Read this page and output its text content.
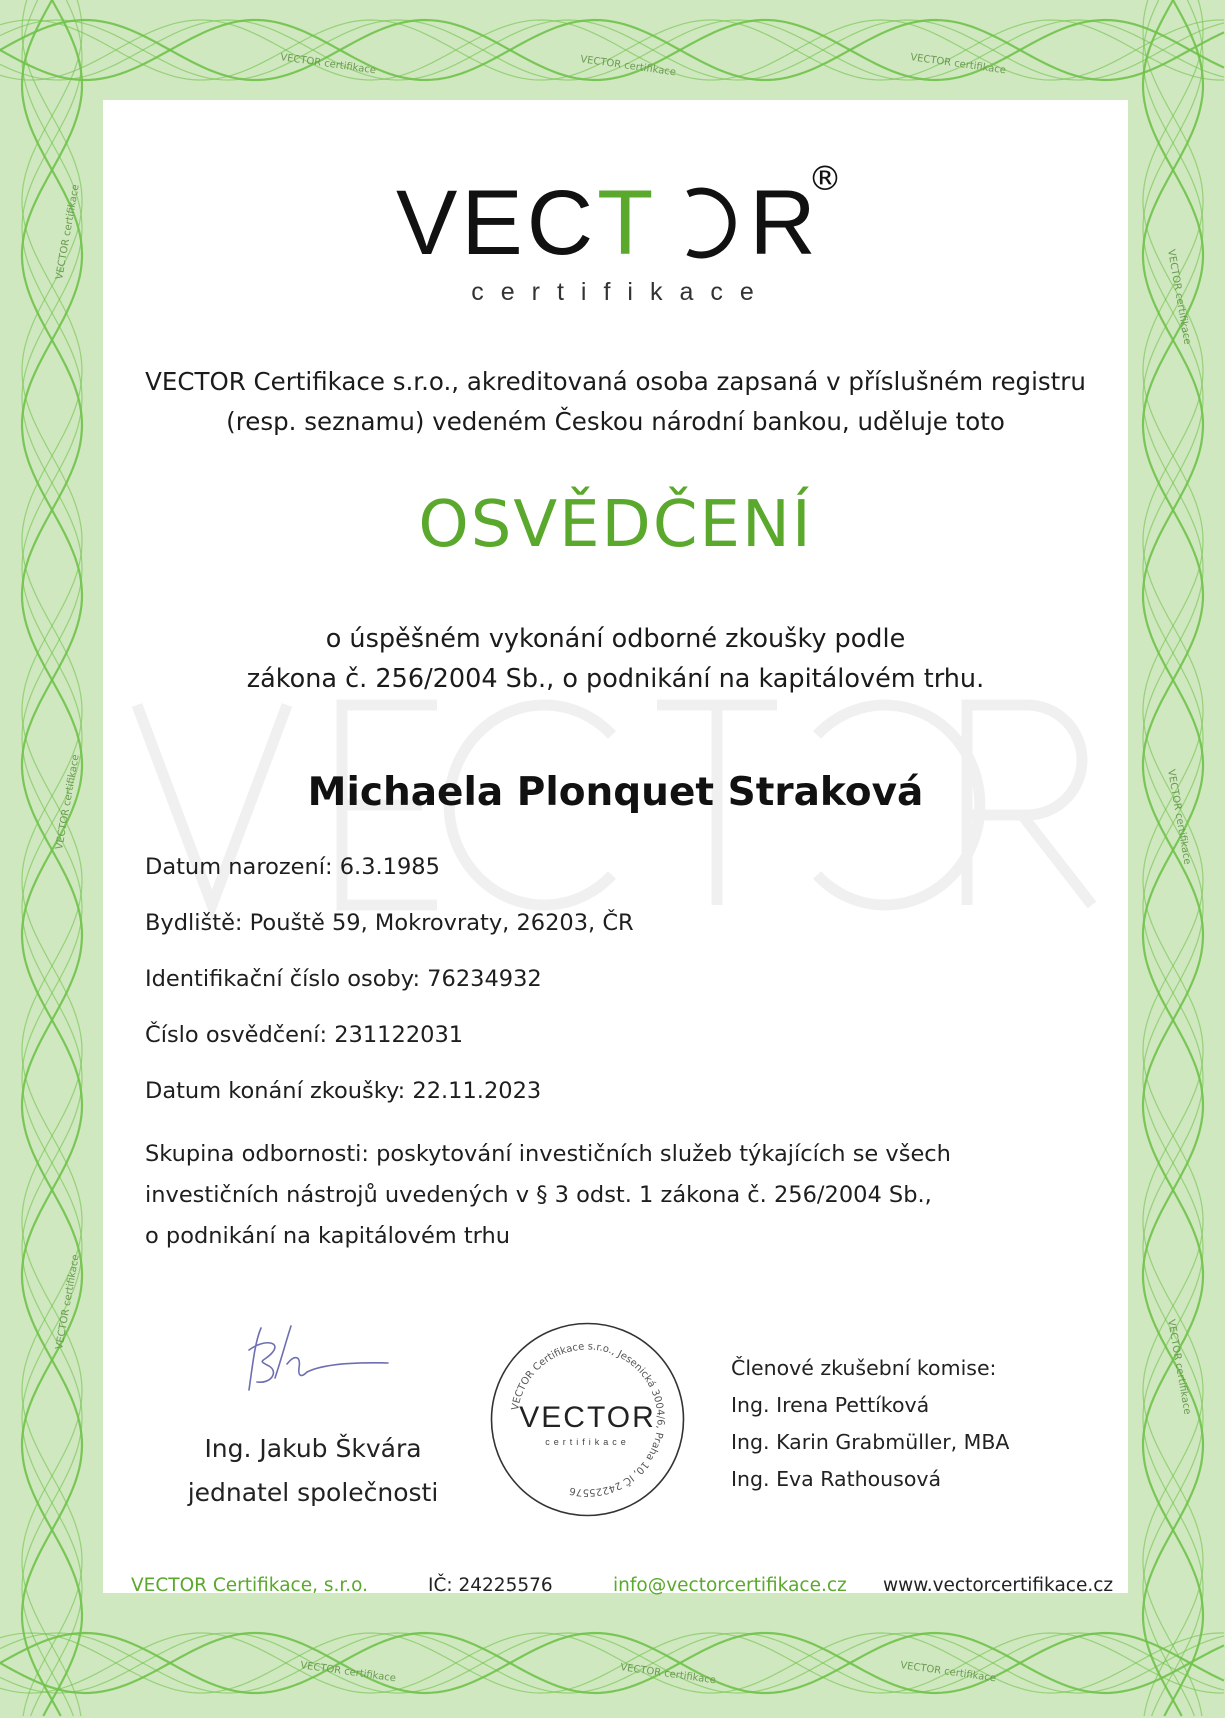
VECTOR certifikace	VECTOR certifikace	VECTOR certifikace
VECTOR certifikace	VECTOR certifikace	VECTOR certifikace
VECTOR certifikace
VECTOR certifikace
VECTOR certifikace
VECTOR certifikace
VECTOR certifikace
VECTOR certifikace
VECT R
®
certifikace
VECTOR Certifikace s.r.o., akreditovaná osoba zapsaná v příslušném registru
(resp. seznamu) vedeném Českou národní bankou, uděluje toto
OSVĚDČENÍ
o úspěšném vykonání odborné zkoušky podle
zákona č. 256/2004 Sb., o podnikání na kapitálovém trhu.
Michaela Plonquet Straková
Datum narození: 6.3.1985
Bydliště: Pouště 59, Mokrovraty, 26203, ČR
Identifikační číslo osoby: 76234932
Číslo osvědčení: 231122031
Datum konání zkoušky: 22.11.2023
Skupina odbornosti: poskytování investičních služeb týkajících se všech
investičních nástrojů uvedených v § 3 odst. 1 zákona č. 256/2004 Sb.,
o podnikání na kapitálovém trhu
Ing. Jakub Škvára
jednatel společnosti
VECTOR Certifikace s.r.o., Jesenická 3004/6, Praha 10, IČ 24225576
VECTOR
certifikace
Členové zkušební komise:
Ing. Irena Pettíková
Ing. Karin Grabmüller, MBA
Ing. Eva Rathousová
VECTOR Certifikace, s.r.o.	IČ: 24225576	info@vectorcertifikace.cz www.vectorcertifikace.cz
